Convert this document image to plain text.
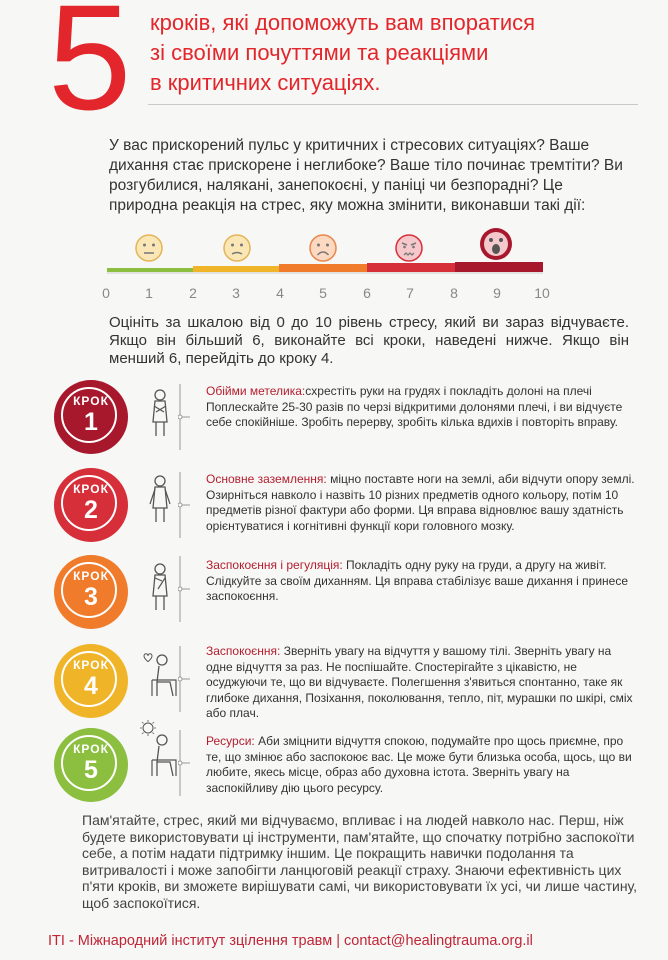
5 кроків, які допоможуть вам впоратися
зі своїми почуттями та реакціями
в критичних ситуаціях.
У вас прискорений пульс у критичних і стресових ситуаціях? Ваше дихання стає прискорене і неглибоке? Ваше тіло починає тремтіти? Ви розгубилися, налякані, занепокоєні, у паніці чи безпорадні? Це природна реакція на стрес, яку можна змінити, виконавши такі дії:
0	1	2	3	4	5	6	7	8	9	10
Оцініть за шкалою від 0 до 10 рівень стресу, який ви зараз відчуваєте. Якщо він більший 6, виконайте всі кроки, наведені нижче. Якщо він менший 6, перейдіть до кроку 4.
КРОК
1
Обійми метелика:схрестіть руки на грудях і покладіть долоні на плечі Поплескайте 25-30 разів по черзі відкритими долонями плечі, і ви відчуєте себе спокійніше. Зробіть перерву, зробіть кілька вдихів і повторіть вправу.
КРОК
2
Основне заземлення: міцно поставте ноги на землі, аби відчути опору землі. Озирніться навколо і назвіть 10 різних предметів одного кольору, потім 10 предметів різної фактури або форми. Ця вправа відновлює вашу здатність орієнтуватися і когнітивні функції кори головного мозку.
КРОК
3
Заспокоєння і регуляція: Покладіть одну руку на груди, а другу на живіт. Слідкуйте за своїм диханням. Ця вправа стабілізує ваше дихання і принесе заспокоєння.
КРОК
4
Заспокоєння: Зверніть увагу на відчуття у вашому тілі. Зверніть увагу на одне відчуття за раз. Не поспішайте. Спостерігайте з цікавістю, не осуджуючи те, що ви відчуваєте. Полегшення з'явиться спонтанно, таке як глибоке дихання, Позіхання, поколювання, тепло, піт, мурашки по шкірі, сміх або плач.
КРОК
5
Ресурси: Аби зміцнити відчуття спокою, подумайте про щось приємне, про те, що змінює або заспокоює вас. Це може бути близька особа, щось, що ви любите, якесь місце, образ або духовна істота. Зверніть увагу на заспокійливу дію цього ресурсу.
Пам'ятайте, стрес, який ми відчуваємо, впливає і на людей навколо нас. Перш, ніж будете використовувати ці інструменти, пам'ятайте, що спочатку потрібно заспокоїти себе, а потім надати підтримку іншим. Це покращить навички подолання та витривалості і може запобігти ланцюговій реакції страху. Знаючи ефективність цих п'яти кроків, ви зможете вирішувати самі, чи використовувати їх усі, чи лише частину, щоб заспокоїтися.
ITI - Міжнародний інститут зцілення травм | contact@healingtrauma.org.il
